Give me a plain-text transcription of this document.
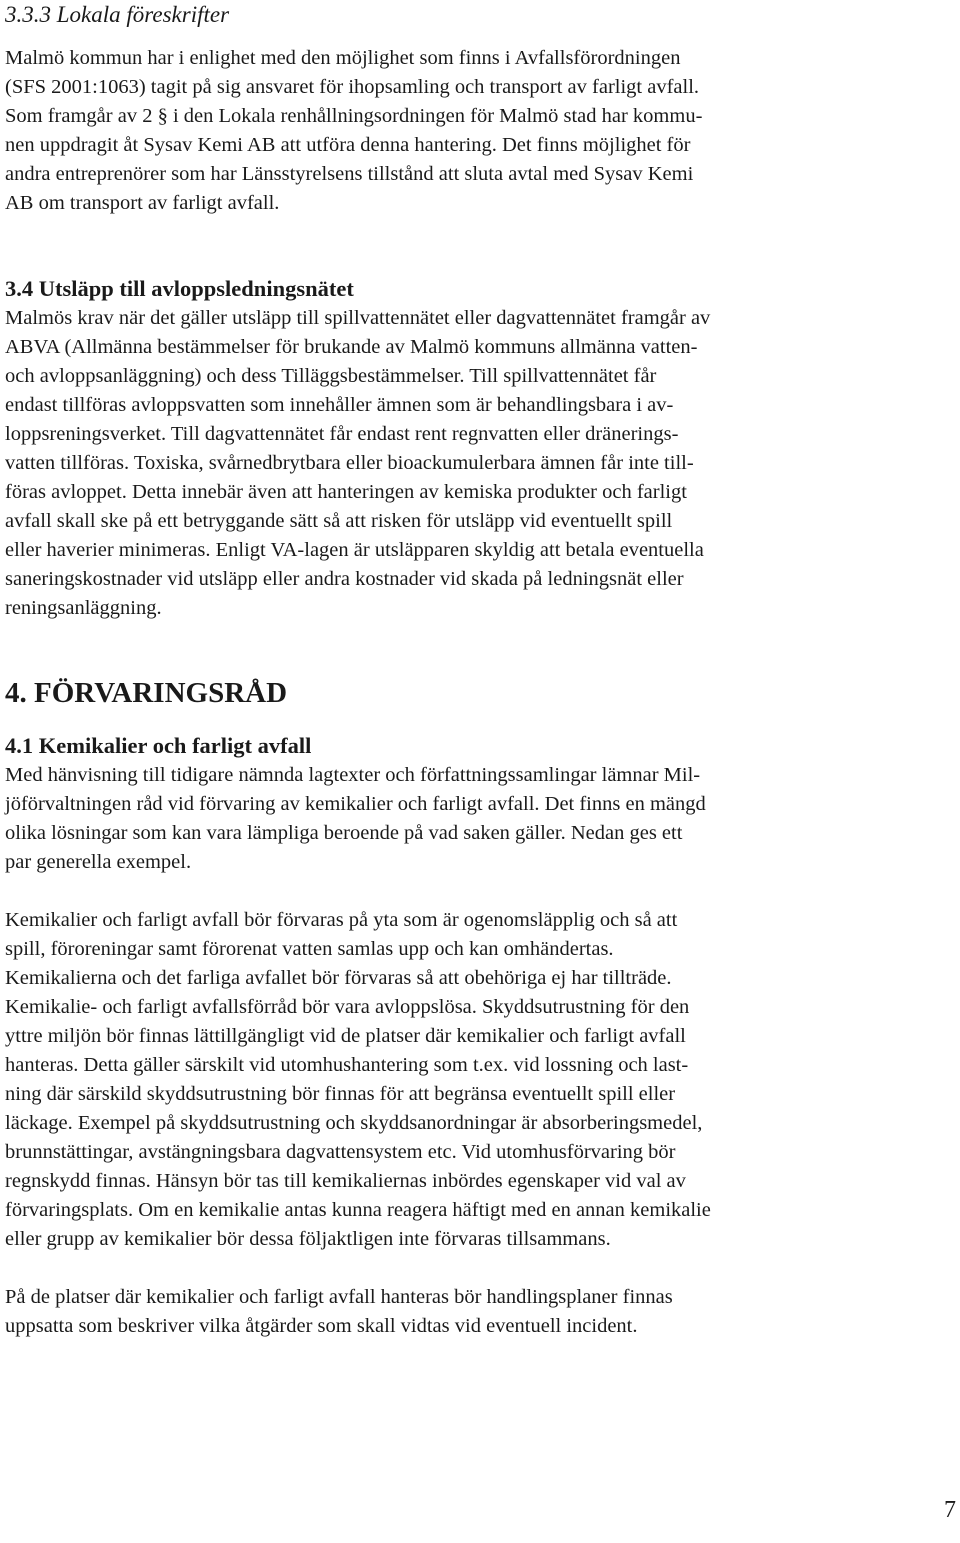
3.3.3 Lokala föreskrifter
Malmö kommun har i enlighet med den möjlighet som finns i Avfallsförordningen
(SFS 2001:1063) tagit på sig ansvaret för ihopsamling och transport av farligt avfall.
Som framgår av 2 § i den Lokala renhållningsordningen för Malmö stad har kommu-
nen uppdragit åt Sysav Kemi AB att utföra denna hantering. Det finns möjlighet för
andra entreprenörer som har Länsstyrelsens tillstånd att sluta avtal med Sysav Kemi
AB om transport av farligt avfall.
3.4 Utsläpp till avloppsledningsnätet
Malmös krav när det gäller utsläpp till spillvattennätet eller dagvattennätet framgår av
ABVA (Allmänna bestämmelser för brukande av Malmö kommuns allmänna vatten-
och avloppsanläggning) och dess Tilläggsbestämmelser. Till spillvattennätet får
endast tillföras avloppsvatten som innehåller ämnen som är behandlingsbara i av-
loppsreningsverket. Till dagvattennätet får endast rent regnvatten eller dränerings-
vatten tillföras. Toxiska, svårnedbrytbara eller bioackumulerbara ämnen får inte till-
föras avloppet. Detta innebär även att hanteringen av kemiska produkter och farligt
avfall skall ske på ett betryggande sätt så att risken för utsläpp vid eventuellt spill
eller haverier minimeras. Enligt VA-lagen är utsläpparen skyldig att betala eventuella
saneringskostnader vid utsläpp eller andra kostnader vid skada på ledningsnät eller
reningsanläggning.
4. FÖRVARINGSRÅD
4.1 Kemikalier och farligt avfall
Med hänvisning till tidigare nämnda lagtexter och författningssamlingar lämnar Mil-
jöförvaltningen råd vid förvaring av kemikalier och farligt avfall. Det finns en mängd
olika lösningar som kan vara lämpliga beroende på vad saken gäller. Nedan ges ett
par generella exempel.
Kemikalier och farligt avfall bör förvaras på yta som är ogenomsläpplig och så att
spill, föroreningar samt förorenat vatten samlas upp och kan omhändertas.
Kemikalierna och det farliga avfallet bör förvaras så att obehöriga ej har tillträde.
Kemikalie- och farligt avfallsförråd bör vara avloppslösa. Skyddsutrustning för den
yttre miljön bör finnas lättillgängligt vid de platser där kemikalier och farligt avfall
hanteras. Detta gäller särskilt vid utomhushantering som t.ex. vid lossning och last-
ning där särskild skyddsutrustning bör finnas för att begränsa eventuellt spill eller
läckage. Exempel på skyddsutrustning och skyddsanordningar är absorberingsmedel,
brunnstättingar, avstängningsbara dagvattensystem etc. Vid utomhusförvaring bör
regnskydd finnas. Hänsyn bör tas till kemikaliernas inbördes egenskaper vid val av
förvaringsplats. Om en kemikalie antas kunna reagera häftigt med en annan kemikalie
eller grupp av kemikalier bör dessa följaktligen inte förvaras tillsammans.
På de platser där kemikalier och farligt avfall hanteras bör handlingsplaner finnas
uppsatta som beskriver vilka åtgärder som skall vidtas vid eventuell incident.
7
